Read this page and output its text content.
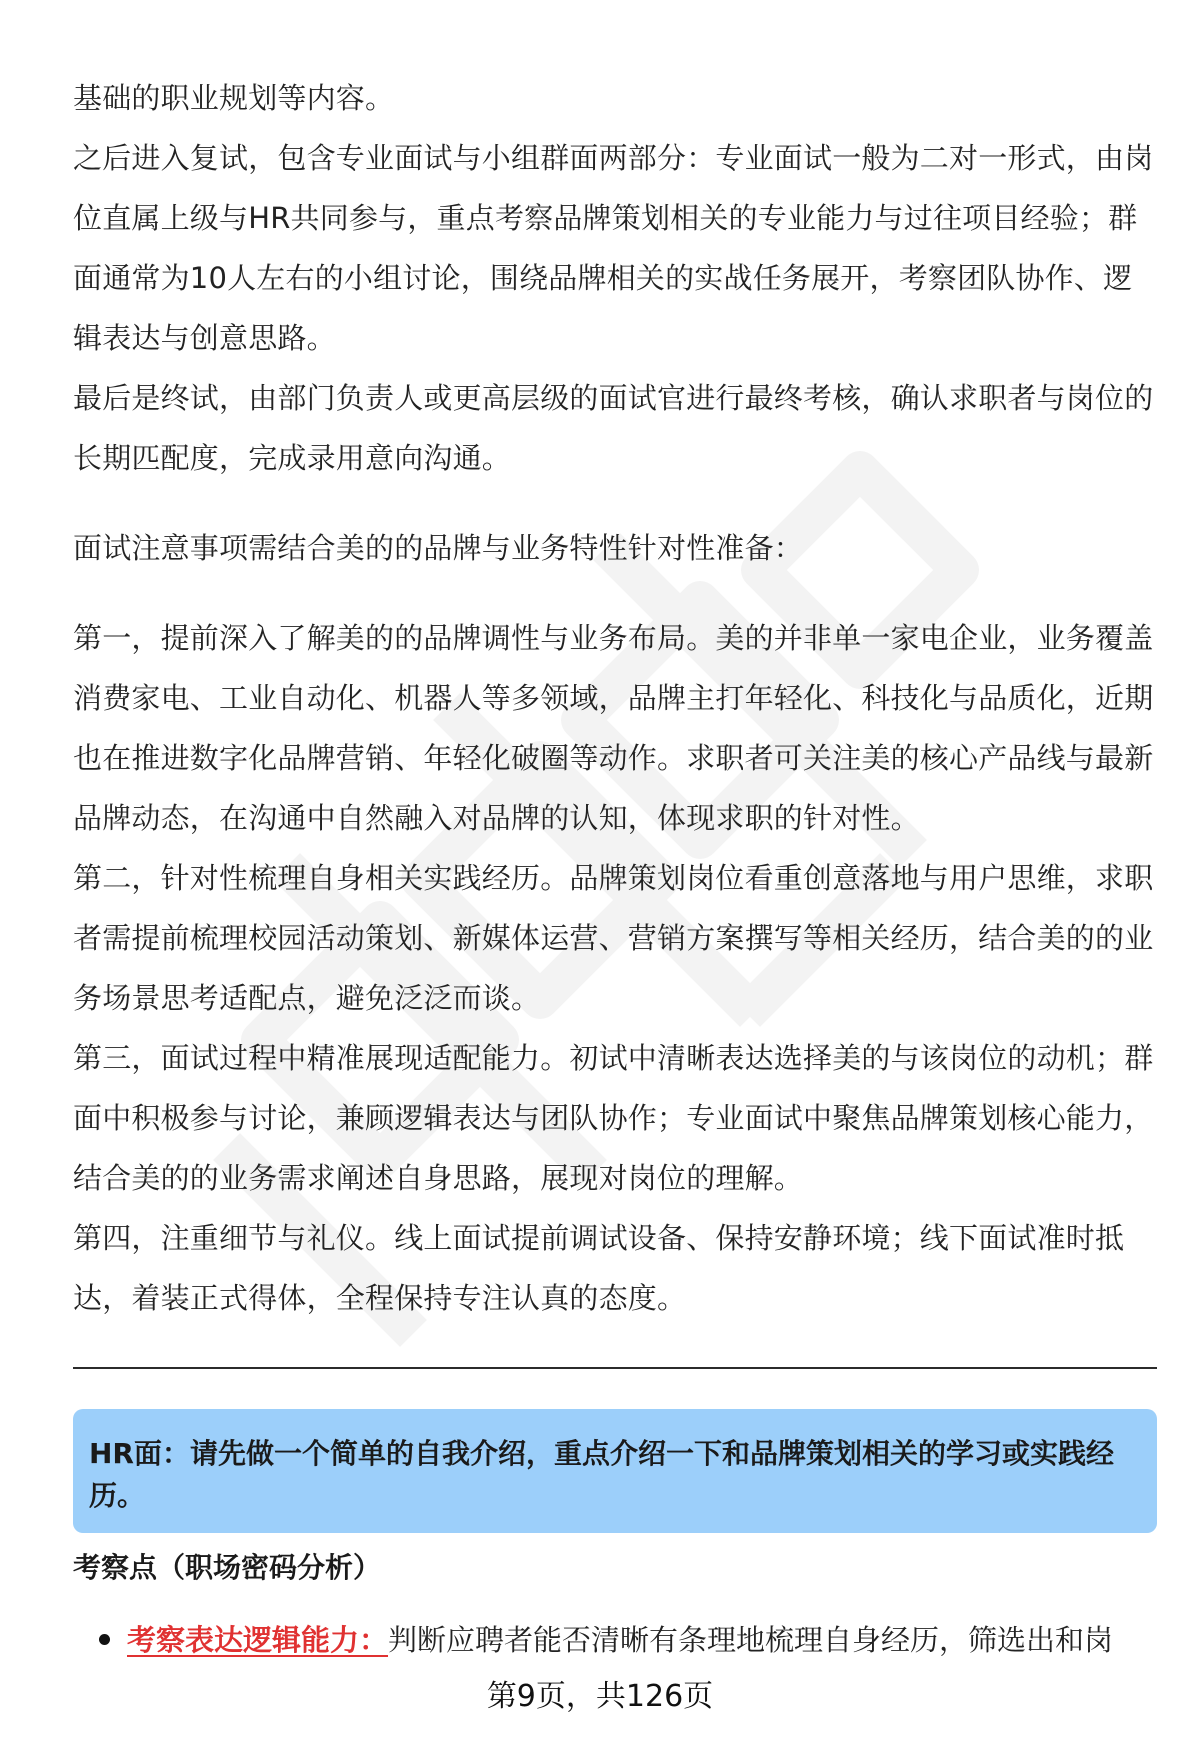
基础的职业规划等内容。

之后进入复试，包含专业面试与小组群面两部分：专业面试一般为二对一形式，由岗位直属上级与HR共同参与，重点考察品牌策划相关的专业能力与过往项目经验；群面通常为10人左右的小组讨论，围绕品牌相关的实战任务展开，考察团队协作、逻辑表达与创意思路。

最后是终试，由部门负责人或更高层级的面试官进行最终考核，确认求职者与岗位的长期匹配度，完成录用意向沟通。

面试注意事项需结合美的的品牌与业务特性针对性准备：

第一，提前深入了解美的的品牌调性与业务布局。美的并非单一家电企业，业务覆盖消费家电、工业自动化、机器人等多领域，品牌主打年轻化、科技化与品质化，近期也在推进数字化品牌营销、年轻化破圈等动作。求职者可关注美的核心产品线与最新品牌动态，在沟通中自然融入对品牌的认知，体现求职的针对性。

第二，针对性梳理自身相关实践经历。品牌策划岗位看重创意落地与用户思维，求职者需提前梳理校园活动策划、新媒体运营、营销方案撰写等相关经历，结合美的的业务场景思考适配点，避免泛泛而谈。

第三，面试过程中精准展现适配能力。初试中清晰表达选择美的与该岗位的动机；群面中积极参与讨论，兼顾逻辑表达与团队协作；专业面试中聚焦品牌策划核心能力，结合美的的业务需求阐述自身思路，展现对岗位的理解。

第四，注重细节与礼仪。线上面试提前调试设备、保持安静环境；线下面试准时抵达，着装正式得体，全程保持专注认真的态度。

HR面：请先做一个简单的自我介绍，重点介绍一下和品牌策划相关的学习或实践经历。

考察点（职场密码分析）
考察表达逻辑能力：判断应聘者能否清晰有条理地梳理自身经历，筛选出和岗
第9页，共126页
